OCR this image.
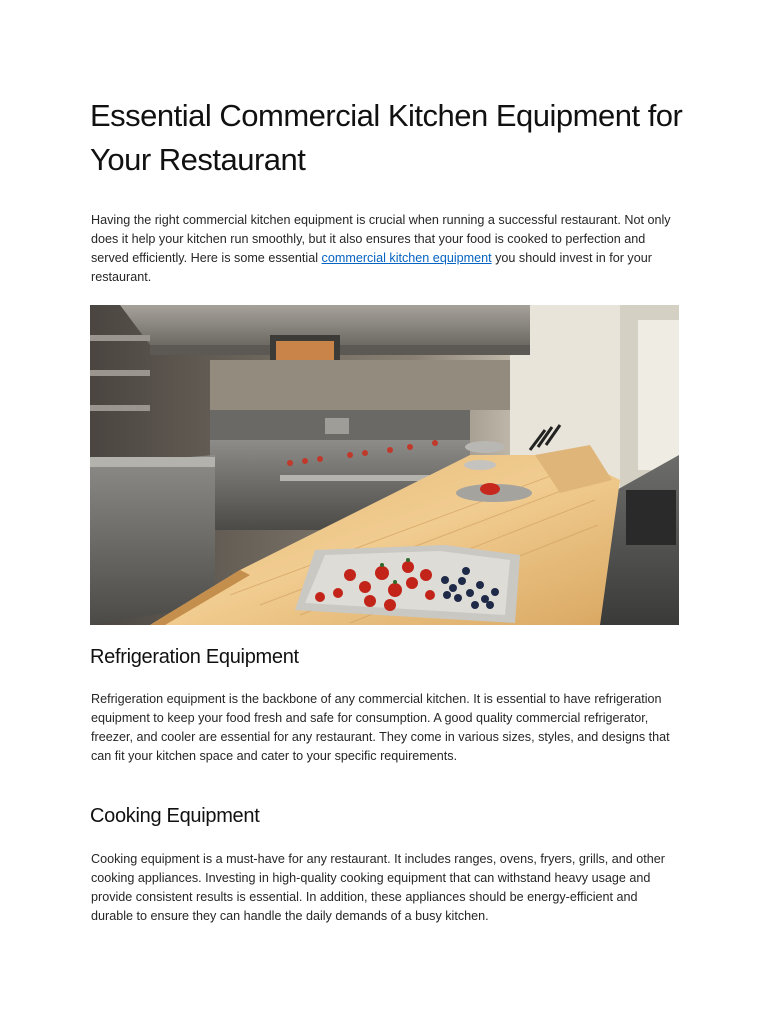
Essential Commercial Kitchen Equipment for Your Restaurant

Having the right commercial kitchen equipment is crucial when running a successful restaurant. Not only does it help your kitchen run smoothly, but it also ensures that your food is cooked to perfection and served efficiently. Here is some essential commercial kitchen equipment you should invest in for your restaurant.

Refrigeration Equipment

Refrigeration equipment is the backbone of any commercial kitchen. It is essential to have refrigeration equipment to keep your food fresh and safe for consumption. A good quality commercial refrigerator, freezer, and cooler are essential for any restaurant. They come in various sizes, styles, and designs that can fit your kitchen space and cater to your specific requirements.

Cooking Equipment

Cooking equipment is a must-have for any restaurant. It includes ranges, ovens, fryers, grills, and other cooking appliances. Investing in high-quality cooking equipment that can withstand heavy usage and provide consistent results is essential. In addition, these appliances should be energy-efficient and durable to ensure they can handle the daily demands of a busy kitchen.
